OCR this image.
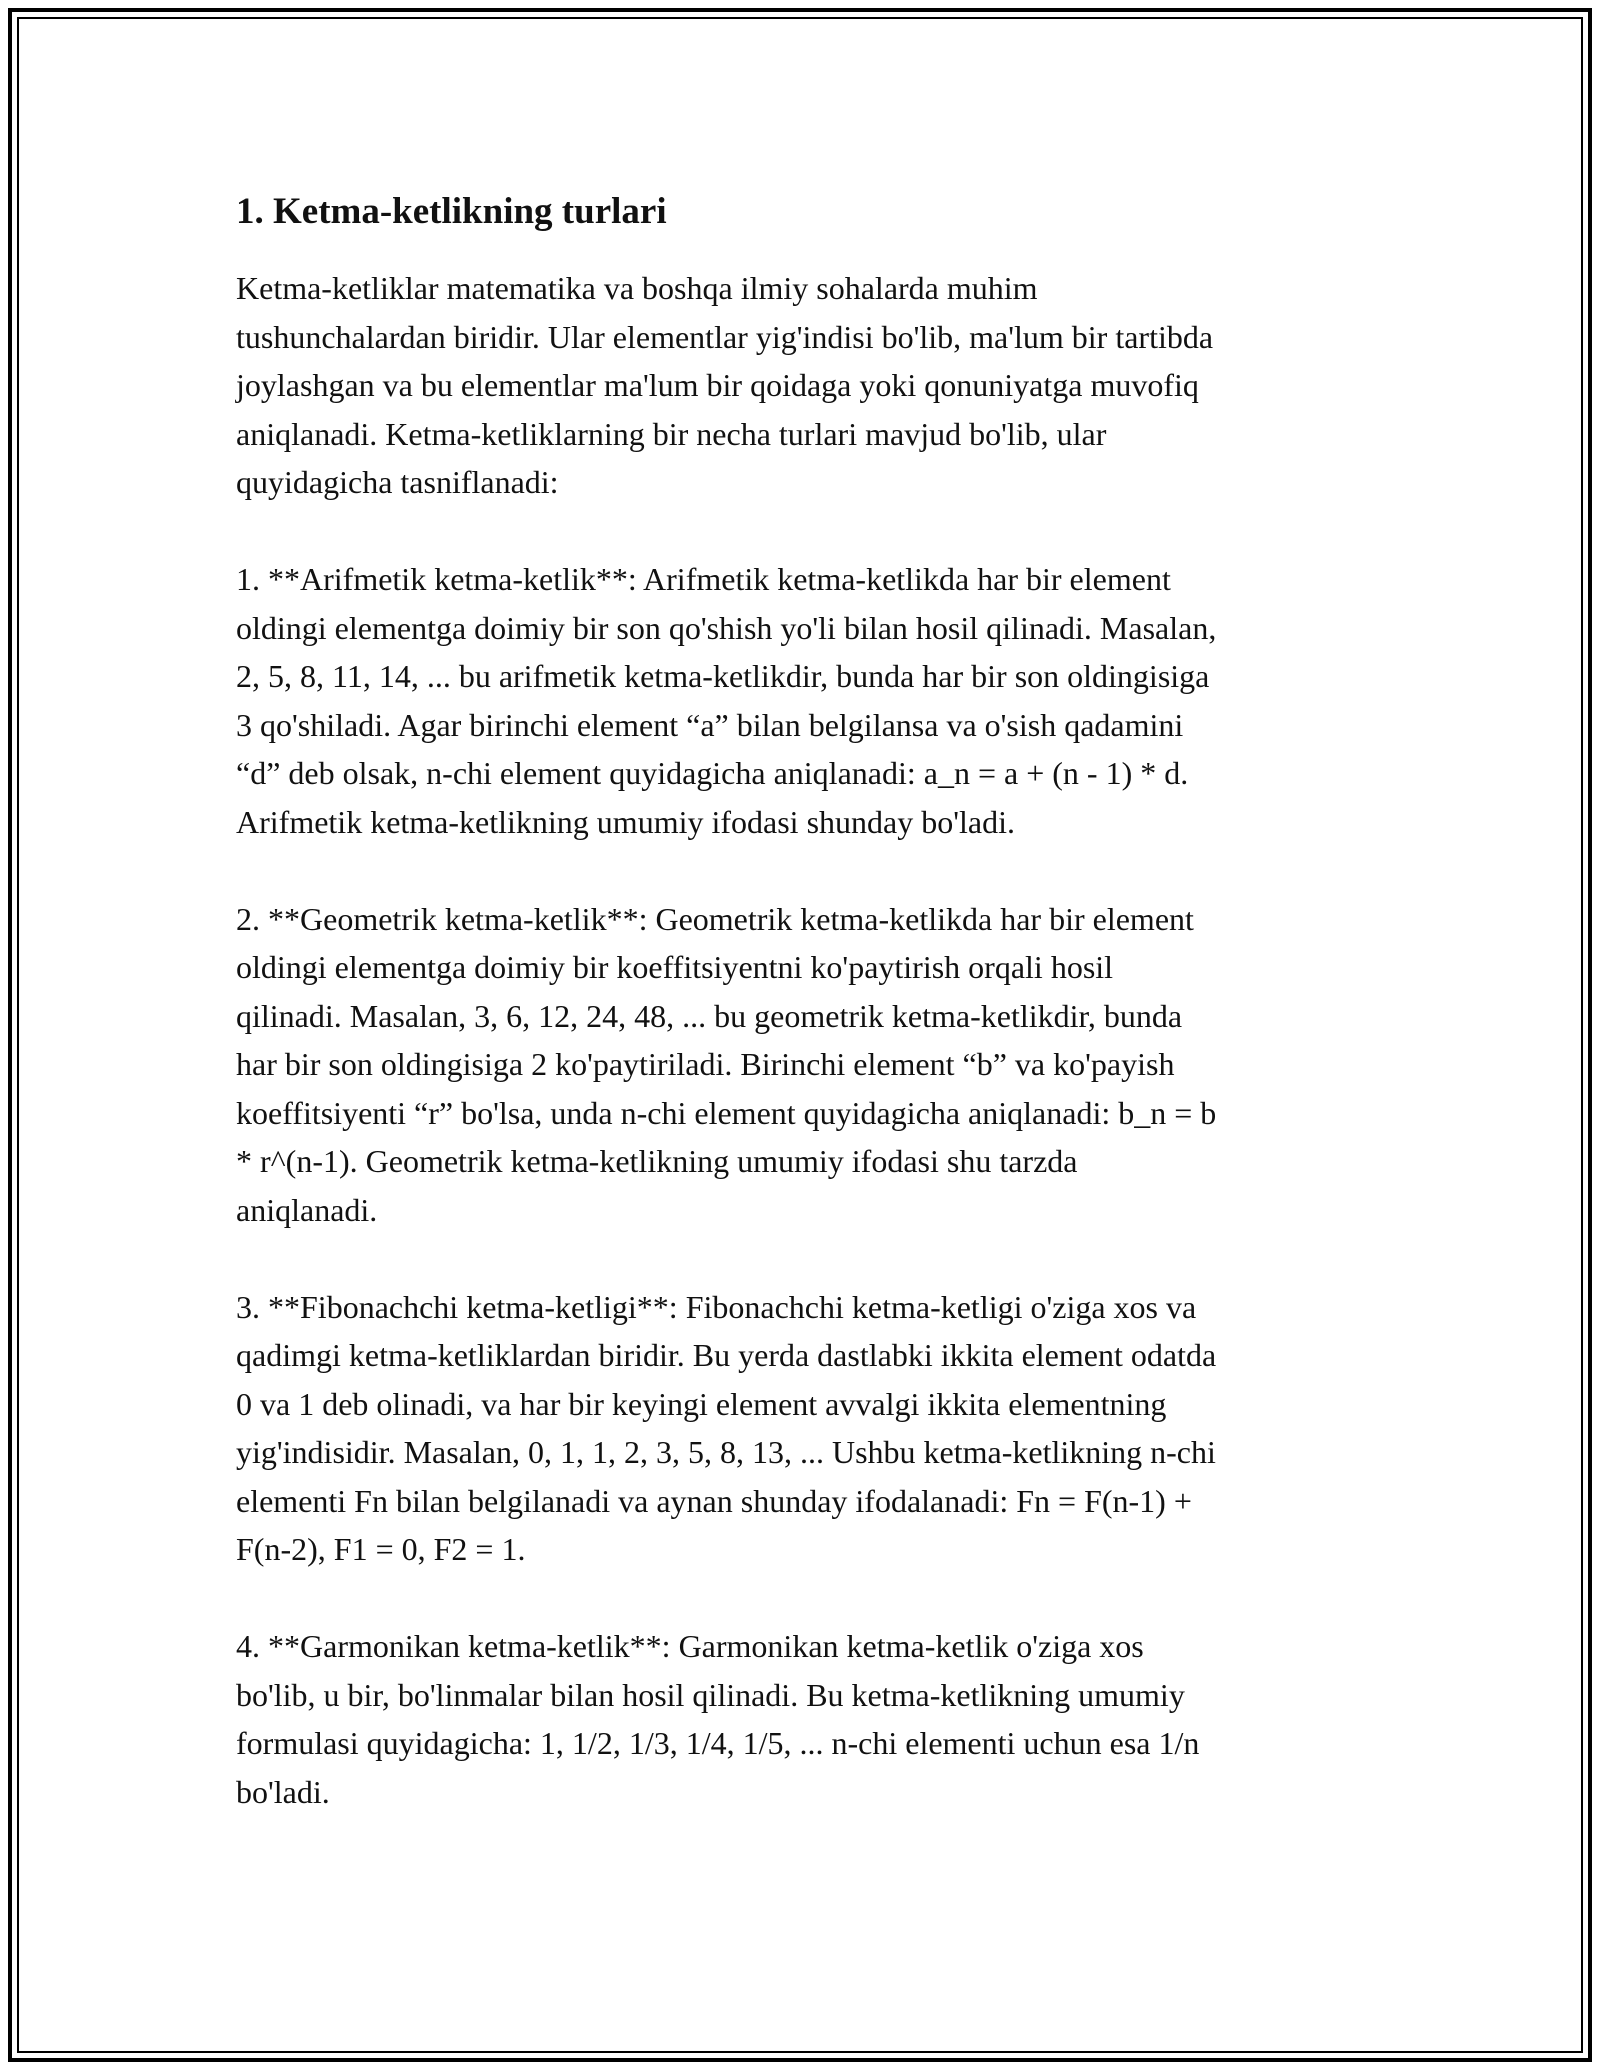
1. Ketma-ketlikning turlari

Ketma-ketliklar matematika va boshqa ilmiy sohalarda muhim
tushunchalardan biridir. Ular elementlar yig'indisi bo'lib, ma'lum bir tartibda
joylashgan va bu elementlar ma'lum bir qoidaga yoki qonuniyatga muvofiq
aniqlanadi. Ketma-ketliklarning bir necha turlari mavjud bo'lib, ular
quyidagicha tasniflanadi:

1. **Arifmetik ketma-ketlik**: Arifmetik ketma-ketlikda har bir element
oldingi elementga doimiy bir son qo'shish yo'li bilan hosil qilinadi. Masalan,
2, 5, 8, 11, 14, ... bu arifmetik ketma-ketlikdir, bunda har bir son oldingisiga
3 qo'shiladi. Agar birinchi element “a” bilan belgilansa va o'sish qadamini
“d” deb olsak, n-chi element quyidagicha aniqlanadi: a_n = a + (n - 1) * d.
Arifmetik ketma-ketlikning umumiy ifodasi shunday bo'ladi.

2. **Geometrik ketma-ketlik**: Geometrik ketma-ketlikda har bir element
oldingi elementga doimiy bir koeffitsiyentni ko'paytirish orqali hosil
qilinadi. Masalan, 3, 6, 12, 24, 48, ... bu geometrik ketma-ketlikdir, bunda
har bir son oldingisiga 2 ko'paytiriladi. Birinchi element “b” va ko'payish
koeffitsiyenti “r” bo'lsa, unda n-chi element quyidagicha aniqlanadi: b_n = b
* r^(n-1). Geometrik ketma-ketlikning umumiy ifodasi shu tarzda
aniqlanadi.

3. **Fibonachchi ketma-ketligi**: Fibonachchi ketma-ketligi o'ziga xos va
qadimgi ketma-ketliklardan biridir. Bu yerda dastlabki ikkita element odatda
0 va 1 deb olinadi, va har bir keyingi element avvalgi ikkita elementning
yig'indisidir. Masalan, 0, 1, 1, 2, 3, 5, 8, 13, ... Ushbu ketma-ketlikning n-chi
elementi Fn bilan belgilanadi va aynan shunday ifodalanadi: Fn = F(n-1) +
F(n-2), F1 = 0, F2 = 1.

4. **Garmonikan ketma-ketlik**: Garmonikan ketma-ketlik o'ziga xos
bo'lib, u bir, bo'linmalar bilan hosil qilinadi. Bu ketma-ketlikning umumiy
formulasi quyidagicha: 1, 1/2, 1/3, 1/4, 1/5, ... n-chi elementi uchun esa 1/n
bo'ladi.
